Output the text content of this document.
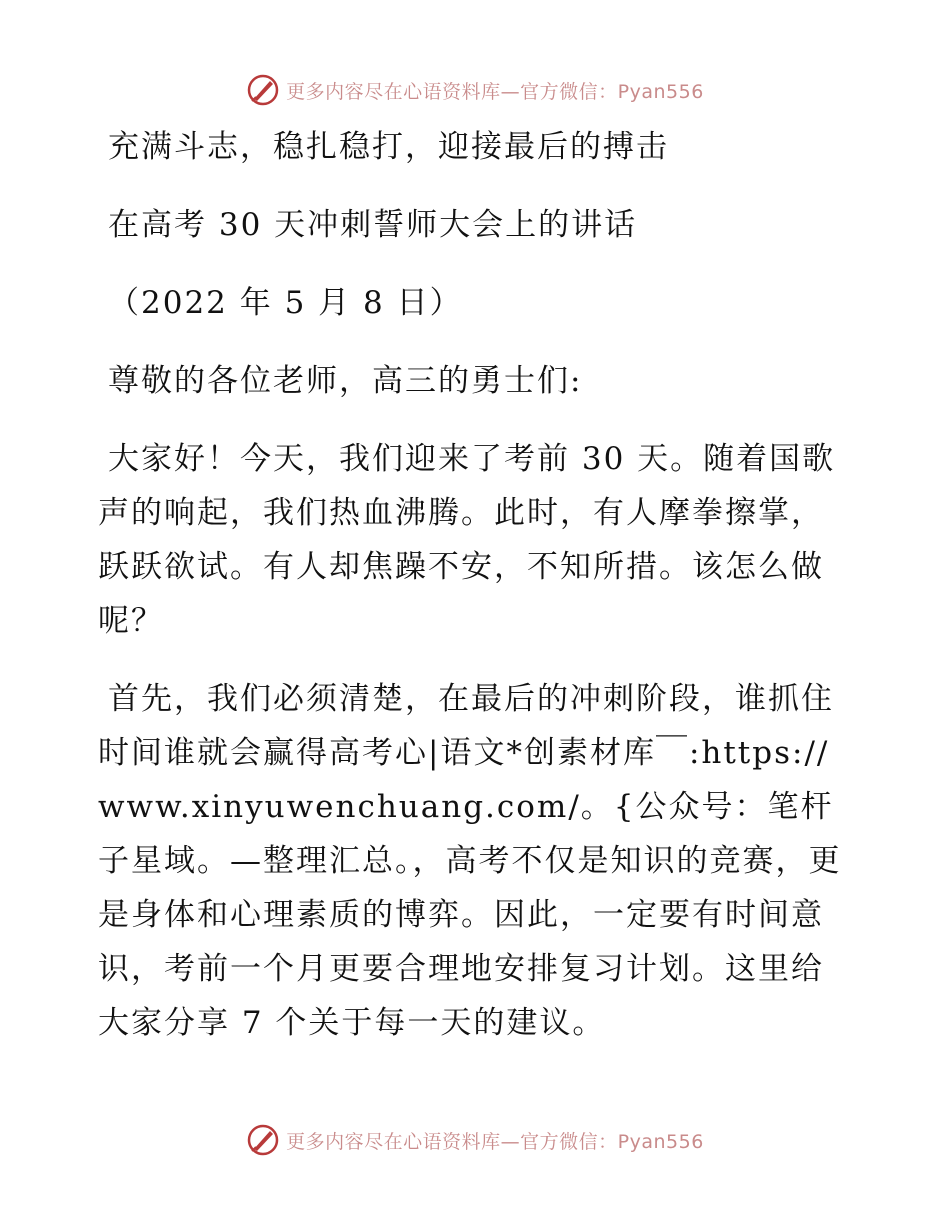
更多内容尽在心语资料库—官方微信：Pyan556
充满斗志，稳扎稳打，迎接最后的搏击
在高考 30 天冲刺誓师大会上的讲话
（2022 年 5 月 8 日）
尊敬的各位老师，高三的勇士们:
大家好！今天，我们迎来了考前 30 天。随着国歌声的响起，我们热血沸腾。此时，有人摩拳擦掌，跃跃欲试。有人却焦躁不安，不知所措。该怎么做呢？
首先，我们必须清楚，在最后的冲刺阶段，谁抓住时间谁就会赢得高考心|语文*创素材库￣:https://www.xinyuwenchuang.com/。{公众号：笔杆子星域。—整理汇总。，高考不仅是知识的竞赛，更是身体和心理素质的博弈。因此，一定要有时间意识，考前一个月更要合理地安排复习计划。这里给大家分享 7 个关于每一天的建议。
更多内容尽在心语资料库—官方微信：Pyan556
